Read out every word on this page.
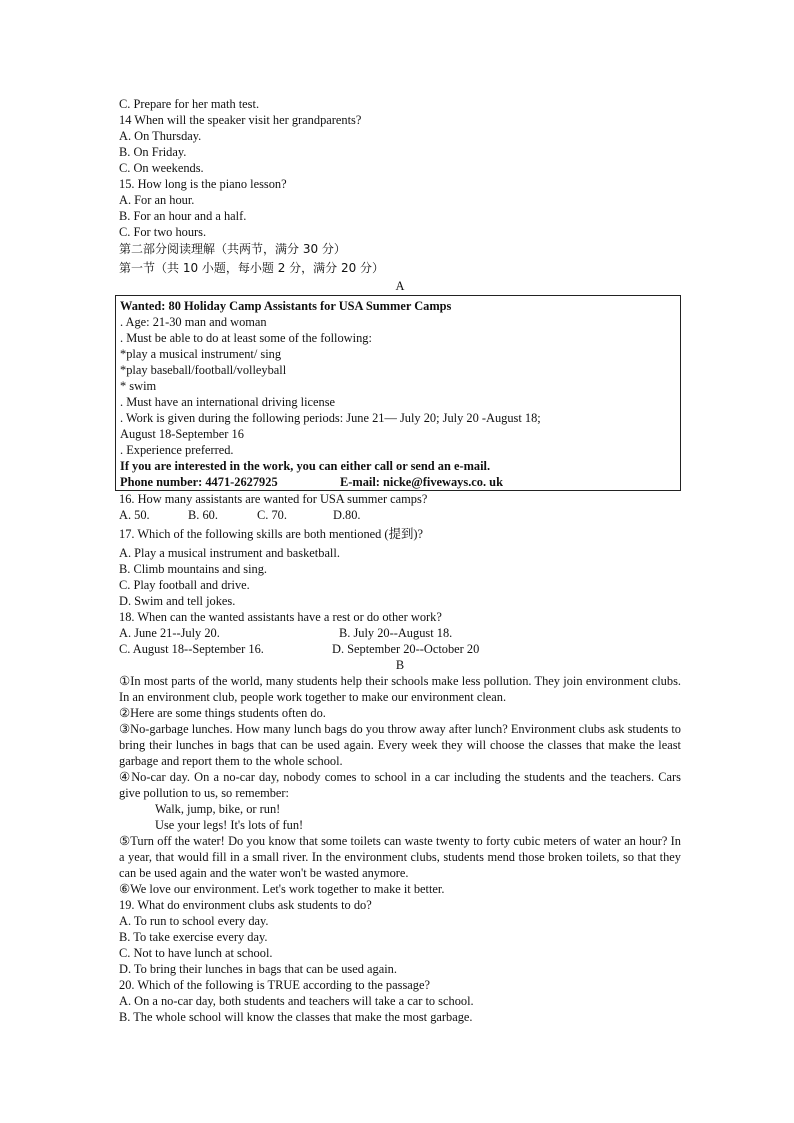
C. Prepare for her math test.
14 When will the speaker visit her grandparents?
A. On Thursday.
B. On Friday.
C. On weekends.
15. How long is the piano lesson?
A. For an hour.
B. For an hour and a half.
C. For two hours.
第二部分阅读理解（共两节，满分 30 分）
第一节（共 10 小题，每小题 2 分，满分 20 分）
A
Wanted: 80 Holiday Camp Assistants for USA Summer Camps
. Age: 21-30 man and woman
. Must be able to do at least some of the following:
*play a musical instrument/ sing
*play baseball/football/volleyball
* swim
. Must have an international driving license
. Work is given during the following periods: June 21— July 20; July 20 -August 18;
August 18-September 16
. Experience preferred.
If you are interested in the work, you can either call or send an e-mail.
Phone number: 4471-2627925	E-mail: nicke@fiveways.co. uk
16. How many assistants are wanted for USA summer camps?
A. 50.	B. 60.	C. 70.	D.80.
17. Which of the following skills are both mentioned (提到)?
A. Play a musical instrument and basketball.
B. Climb mountains and sing.
C. Play football and drive.
D. Swim and tell jokes.
18. When can the wanted assistants have a rest or do other work?
A. June 21--July 20.	B. July 20--August 18.
C. August 18--September 16.	D. September 20--October 20
B
①In most parts of the world, many students help their schools make less pollution. They join environment clubs. In an environment club, people work together to make our environment clean.
②Here are some things students often do.
③No-garbage lunches. How many lunch bags do you throw away after lunch? Environment clubs ask students to bring their lunches in bags that can be used again. Every week they will choose the classes that make the least garbage and report them to the whole school.
④No-car day. On a no-car day, nobody comes to school in a car including the students and the teachers. Cars give pollution to us, so remember:
Walk, jump, bike, or run!
Use your legs! It's lots of fun!
⑤Turn off the water! Do you know that some toilets can waste twenty to forty cubic meters of water an hour? In a year, that would fill in a small river. In the environment clubs, students mend those broken toilets, so that they can be used again and the water won't be wasted anymore.
⑥We love our environment. Let's work together to make it better.
19. What do environment clubs ask students to do?
A. To run to school every day.
B. To take exercise every day.
C. Not to have lunch at school.
D. To bring their lunches in bags that can be used again.
20. Which of the following is TRUE according to the passage?
A. On a no-car day, both students and teachers will take a car to school.
B. The whole school will know the classes that make the most garbage.
